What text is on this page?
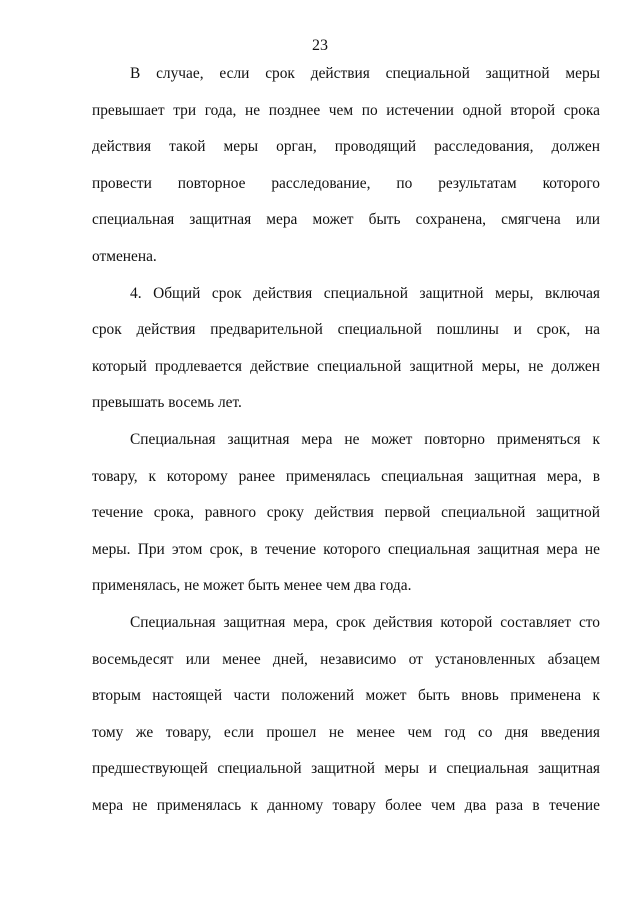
23
В случае, если срок действия специальной защитной меры
превышает три года, не позднее чем по истечении одной второй срока
действия такой меры орган, проводящий расследования, должен
провести повторное расследование, по результатам которого
специальная защитная мера может быть сохранена, смягчена или
отменена.
4. Общий срок действия специальной защитной меры, включая
срок действия предварительной специальной пошлины и срок, на
который продлевается действие специальной защитной меры, не должен
превышать восемь лет.
Специальная защитная мера не может повторно применяться к
товару, к которому ранее применялась специальная защитная мера, в
течение срока, равного сроку действия первой специальной защитной
меры. При этом срок, в течение которого специальная защитная мера не
применялась, не может быть менее чем два года.
Специальная защитная мера, срок действия которой составляет сто
восемьдесят или менее дней, независимо от установленных абзацем
вторым настоящей части положений может быть вновь применена к
тому же товару, если прошел не менее чем год со дня введения
предшествующей специальной защитной меры и специальная защитная
мера не применялась к данному товару более чем два раза в течение
